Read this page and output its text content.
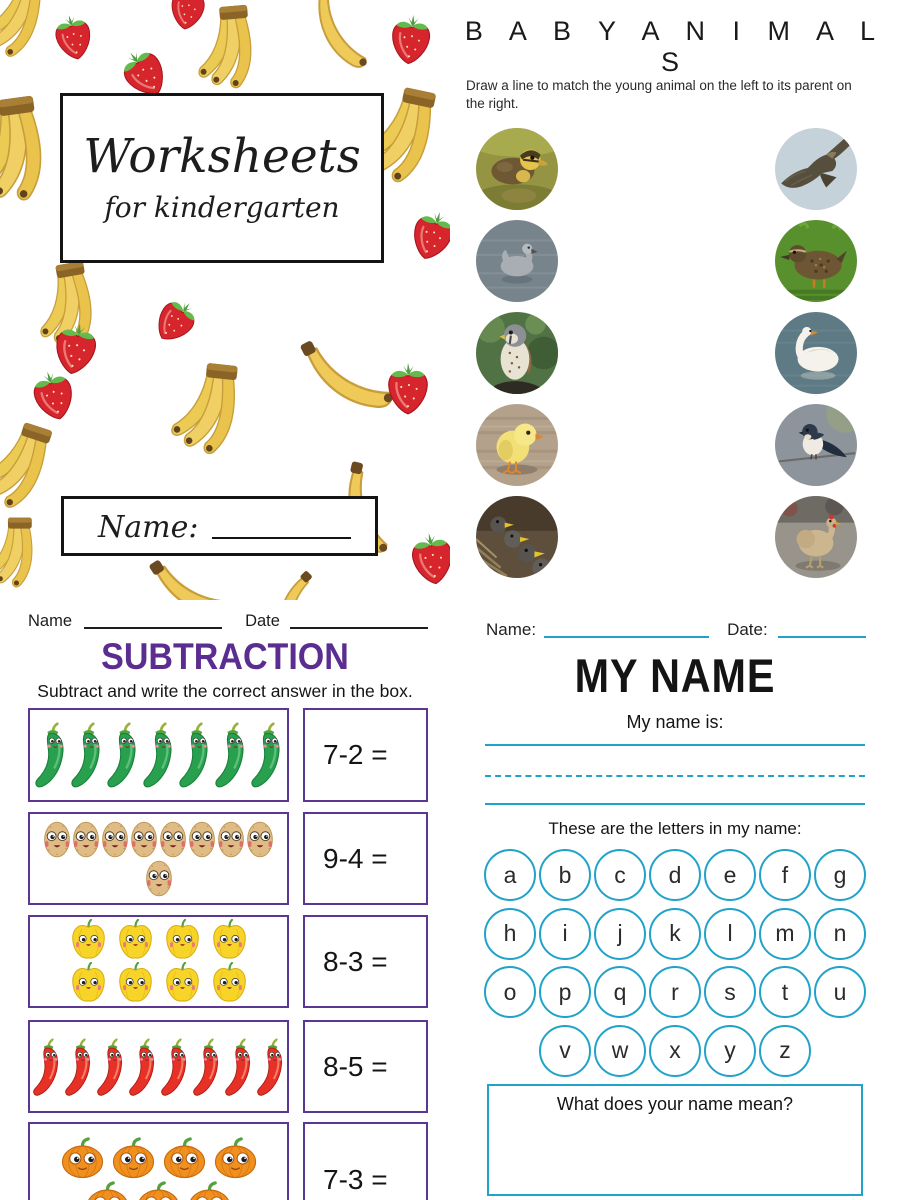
Worksheets
for kindergarten
Name:
B A B Y A N I M A L S
Draw a line to match the young animal on the left to its parent on the right.
Name	Date
SUBTRACTION
Subtract and write the correct answer in the box.
7-2 =
9-4 =
8-3 =
8-5 =
7-3 =
Name:	Date:
MY NAME
My name is:
These are the letters in my name:
a	b	c	d	e	f	g
h	i	j	k	l	m	n
o	p	q	r	s	t	u
v	w	x	y	z
What does your name mean?
